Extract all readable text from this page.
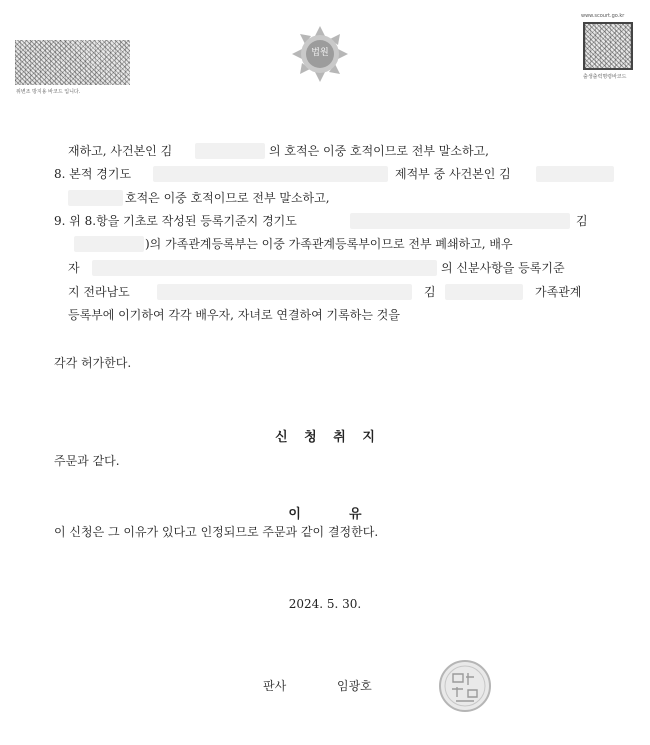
위변조 방지용 바코드 입니다.
법원
www.scourt.go.kr
출생출력명령바코드
재하고, 사건본인 김	의 호적은 이중 호적이므로 전부 말소하고,
8. 본적 경기도	제적부 중 사건본인 김
호적은 이중 호적이므로 전부 말소하고,
9. 위 8.항을 기초로 작성된 등록기준지 경기도	김
)의 가족관계등록부는 이중 가족관계등록부이므로 전부 폐쇄하고, 배우
자	의 신분사항을 등록기준
지 전라남도	김	가족관계
등록부에 이기하여 각각 배우자, 자녀로 연결하여 기록하는 것을
각각 허가한다.
신 청 취 지
주문과 같다.
이    유
이 신청은 그 이유가 있다고 인정되므로 주문과 같이 결정한다.
2024. 5. 30.
판사	임광호
